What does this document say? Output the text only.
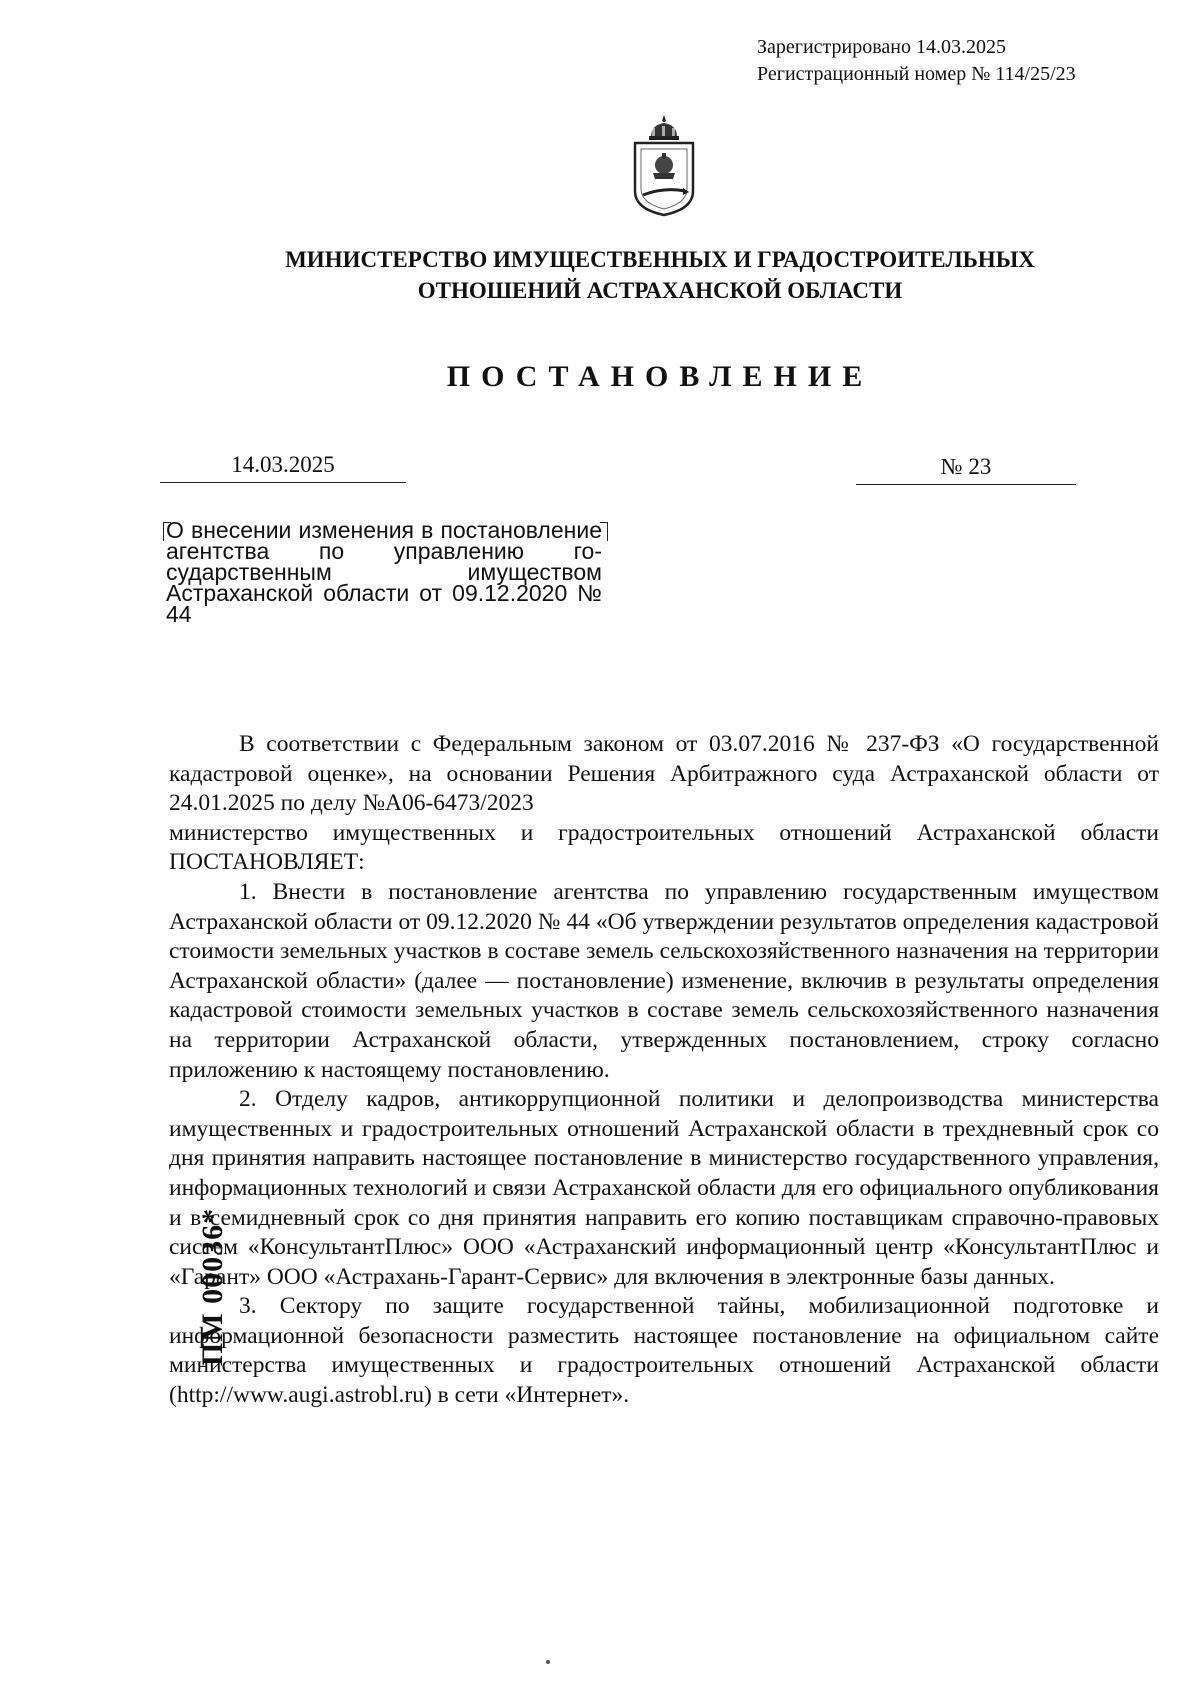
Зарегистрировано 14.03.2025
Регистрационный номер № 114/25/23
МИНИСТЕРСТВО ИМУЩЕСТВЕННЫХ И ГРАДОСТРОИТЕЛЬНЫХ
ОТНОШЕНИЙ АСТРАХАНСКОЙ ОБЛАСТИ
ПОСТАНОВЛЕНИЕ
14.03.2025	№ 23
О внесении изменения в постановление агентства по управлению государственным имуществом Астраханской области от 09.12.2020 № 44

В соответствии с Федеральным законом от 03.07.2016 № 237-ФЗ «О государственной кадастровой оценке», на основании Решения Арбитражного суда Астраханской области от 24.01.2025 по делу №А06-6473/2023

министерство имущественных и градостроительных отношений Астраханской области ПОСТАНОВЛЯЕТ:

1. Внести в постановление агентства по управлению государственным имуществом Астраханской области от 09.12.2020 № 44 «Об утверждении результатов определения кадастровой стоимости земельных участков в составе земель сельскохозяйственного назначения на территории Астраханской области» (далее — постановление) изменение, включив в результаты определения кадастровой стоимости земельных участков в составе земель сельскохозяйственного назначения на территории Астраханской области, утвержденных постановлением, строку согласно приложению к настоящему постановлению.

2. Отделу кадров, антикоррупционной политики и делопроизводства министерства имущественных и градостроительных отношений Астраханской области в трехдневный срок со дня принятия направить настоящее постановление в министерство государственного управления, информационных технологий и связи Астраханской области для его официального опубликования и в семидневный срок со дня принятия направить его копию поставщикам справочно-правовых систем «КонсультантПлюс» ООО «Астраханский информационный центр «КонсультантПлюс и «Гарант» ООО «Астрахань-Гарант-Сервис» для включения в электронные базы данных.

3. Сектору по защите государственной тайны, мобилизационной подготовке и информационной безопасности разместить настоящее постановление на официальном сайте министерства имущественных и градостроительных отношений Астраханской области (http://www.augi.astrobl.ru) в сети «Интернет».

ПМ 00036*
